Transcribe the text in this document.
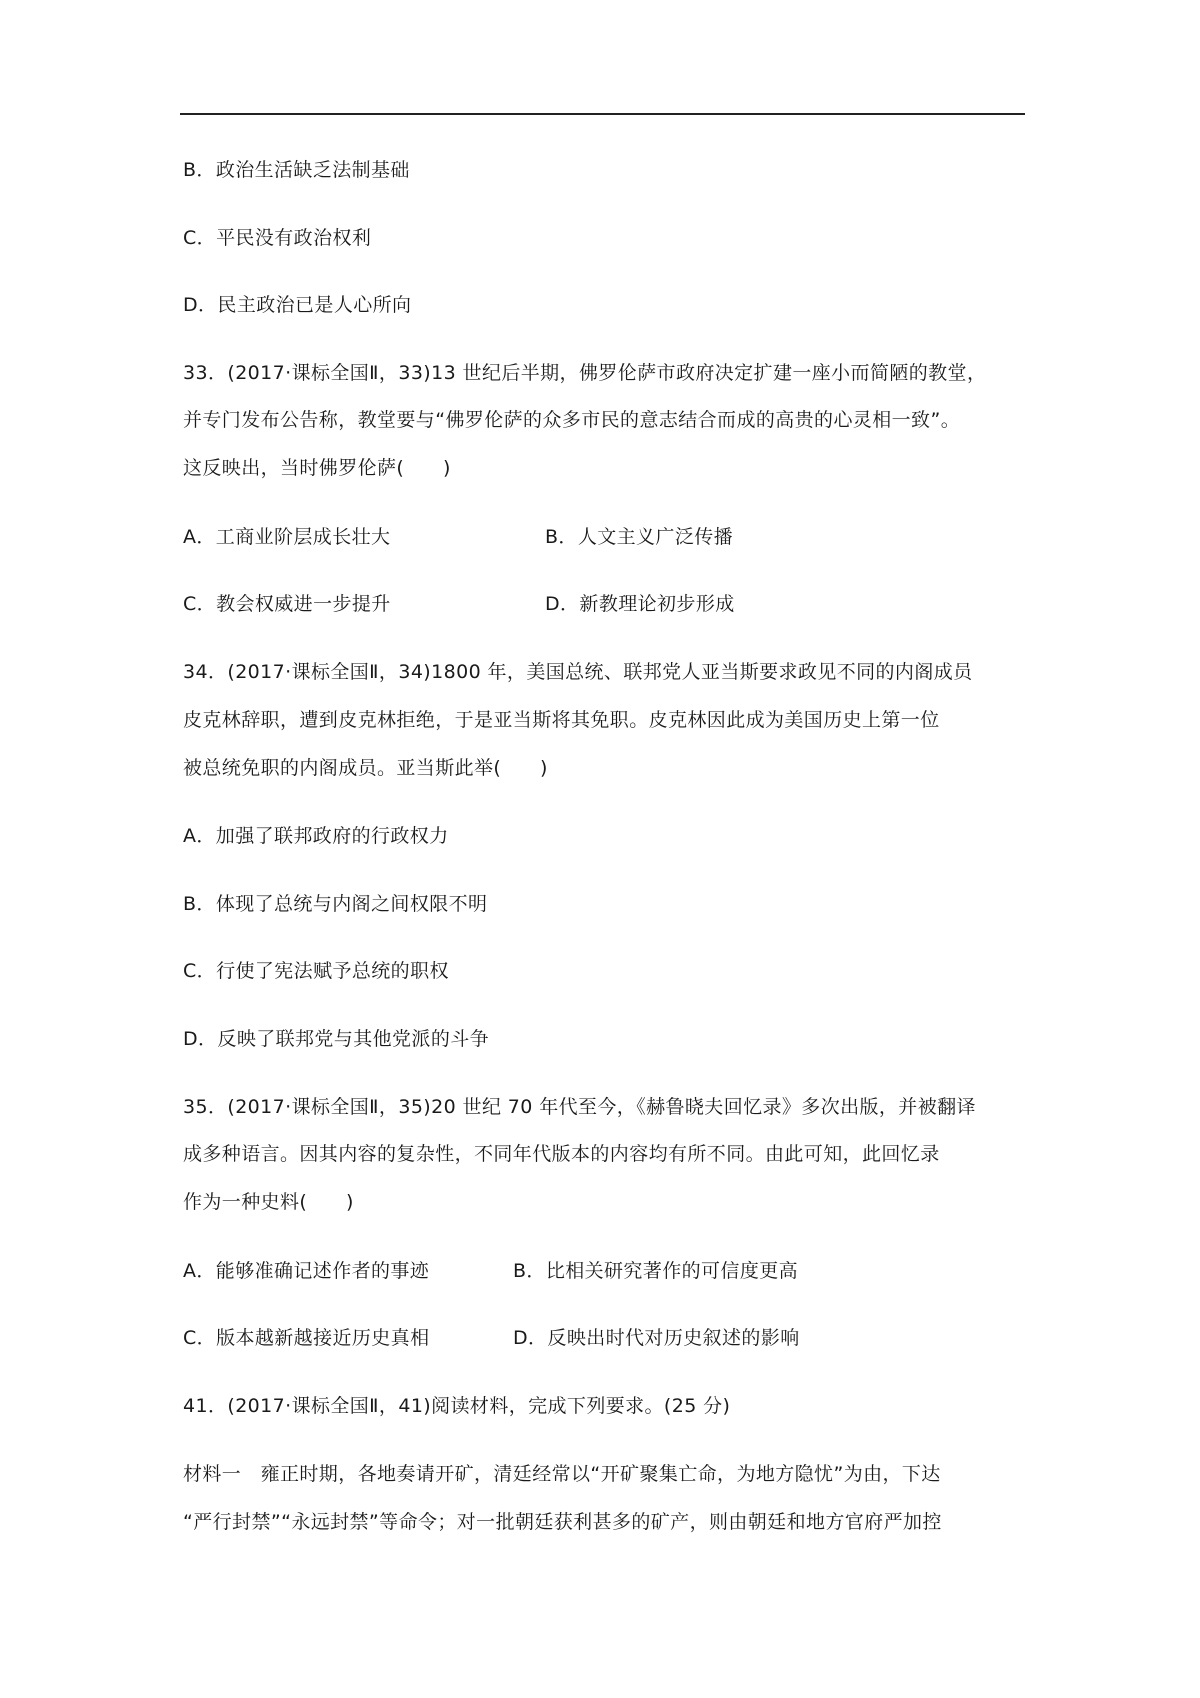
B．政治生活缺乏法制基础
C．平民没有政治权利
D．民主政治已是人心所向
33．(2017·课标全国Ⅱ，33)13 世纪后半期，佛罗伦萨市政府决定扩建一座小而简陋的教堂，
并专门发布公告称，教堂要与“佛罗伦萨的众多市民的意志结合而成的高贵的心灵相一致”。
这反映出，当时佛罗伦萨(　　)
A．工商业阶层成长壮大	B．人文主义广泛传播
C．教会权威进一步提升	D．新教理论初步形成
34．(2017·课标全国Ⅱ，34)1800 年，美国总统、联邦党人亚当斯要求政见不同的内阁成员
皮克林辞职，遭到皮克林拒绝，于是亚当斯将其免职。皮克林因此成为美国历史上第一位
被总统免职的内阁成员。亚当斯此举(　　)
A．加强了联邦政府的行政权力
B．体现了总统与内阁之间权限不明
C．行使了宪法赋予总统的职权
D．反映了联邦党与其他党派的斗争
35．(2017·课标全国Ⅱ，35)20 世纪 70 年代至今，《赫鲁晓夫回忆录》多次出版，并被翻译
成多种语言。因其内容的复杂性，不同年代版本的内容均有所不同。由此可知，此回忆录
作为一种史料(　　)
A．能够准确记述作者的事迹	B．比相关研究著作的可信度更高
C．版本越新越接近历史真相	D．反映出时代对历史叙述的影响
41．(2017·课标全国Ⅱ，41)阅读材料，完成下列要求。(25 分)
材料一　雍正时期，各地奏请开矿，清廷经常以“开矿聚集亡命，为地方隐忧”为由，下达
“严行封禁”“永远封禁”等命令；对一批朝廷获利甚多的矿产，则由朝廷和地方官府严加控
